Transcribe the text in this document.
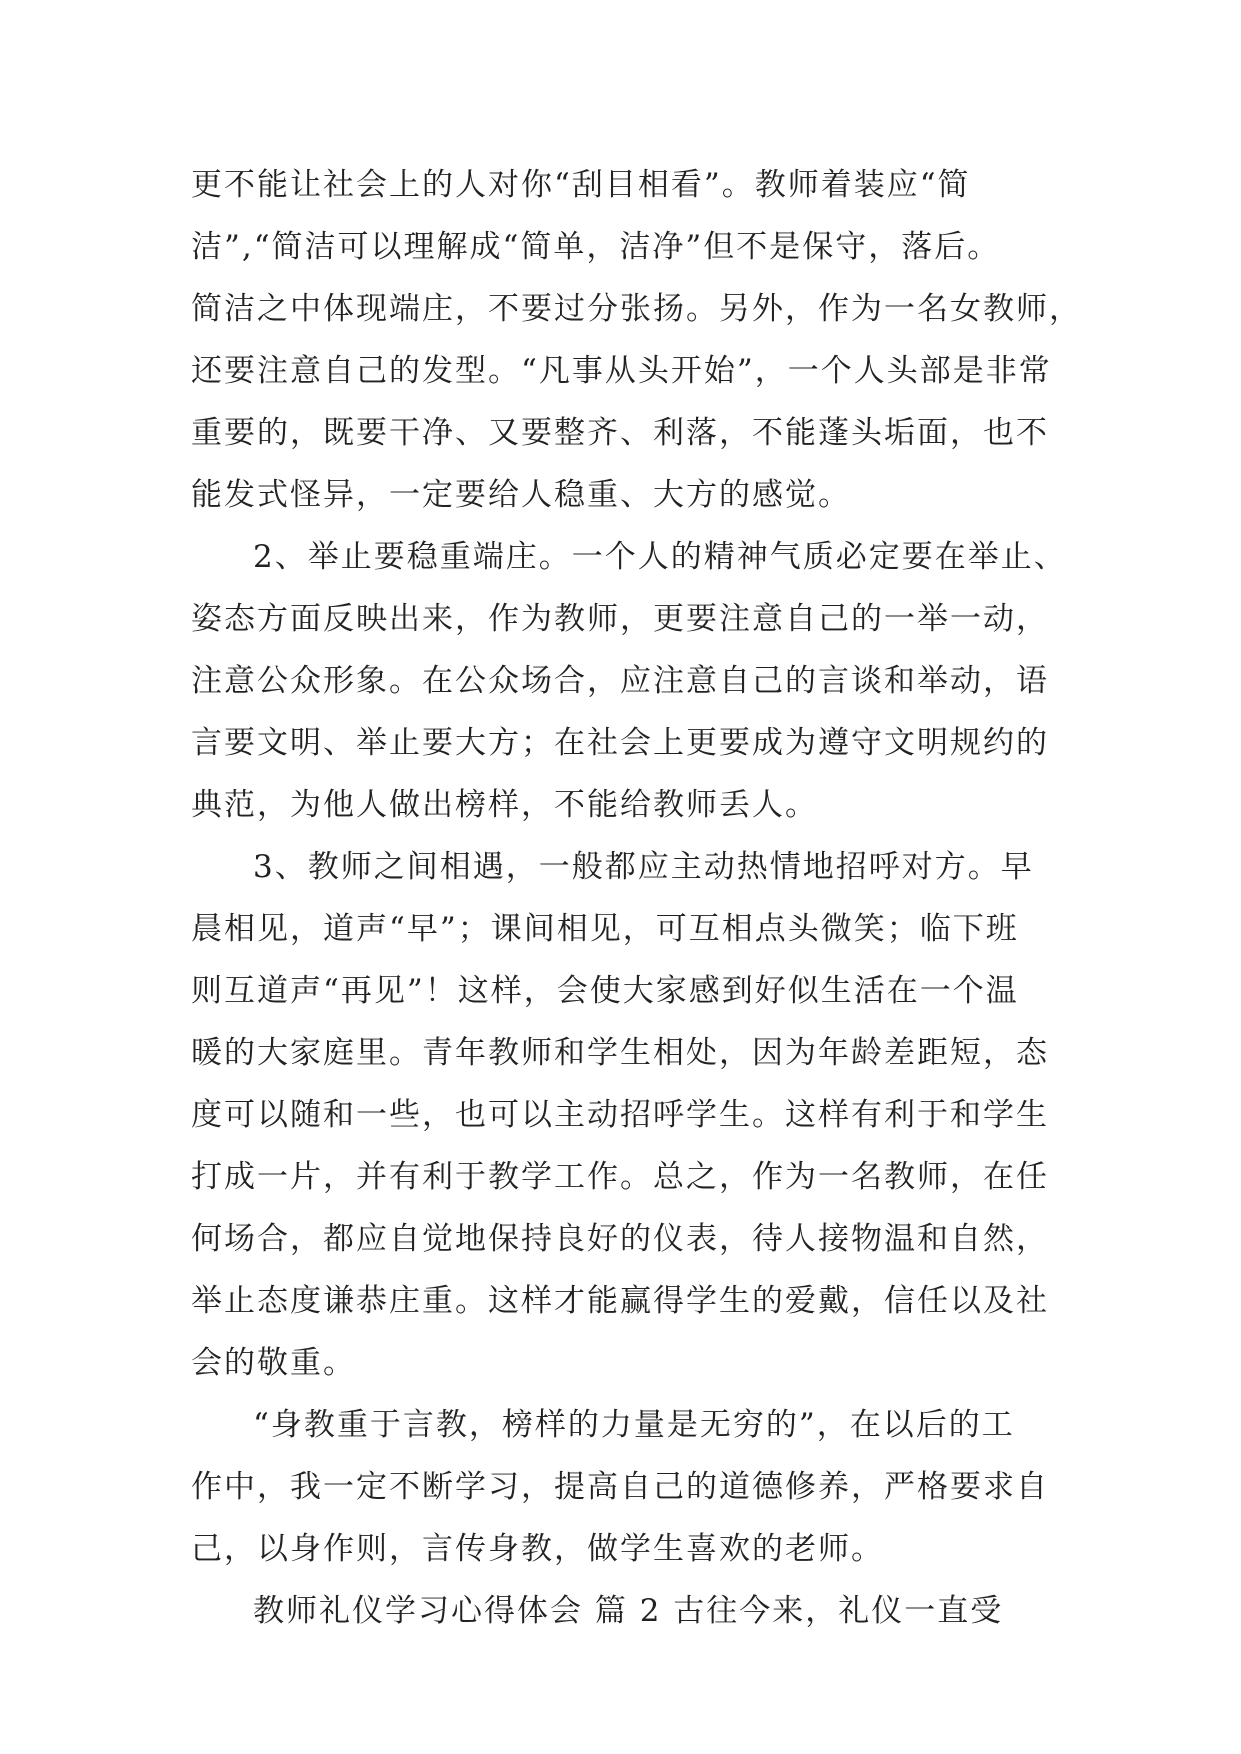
更不能让社会上的人对你“刮目相看”。教师着装应“简
洁”,“简洁可以理解成“简单，洁净”但不是保守，落后。
简洁之中体现端庄，不要过分张扬。另外，作为一名女教师，
还要注意自己的发型。“凡事从头开始”，一个人头部是非常
重要的，既要干净、又要整齐、利落，不能蓬头垢面，也不
能发式怪异，一定要给人稳重、大方的感觉。
2、举止要稳重端庄。一个人的精神气质必定要在举止、
姿态方面反映出来，作为教师，更要注意自己的一举一动，
注意公众形象。在公众场合，应注意自己的言谈和举动，语
言要文明、举止要大方；在社会上更要成为遵守文明规约的
典范，为他人做出榜样，不能给教师丢人。
3、教师之间相遇，一般都应主动热情地招呼对方。早
晨相见，道声“早”；课间相见，可互相点头微笑；临下班
则互道声“再见”！这样，会使大家感到好似生活在一个温
暖的大家庭里。青年教师和学生相处，因为年龄差距短，态
度可以随和一些，也可以主动招呼学生。这样有利于和学生
打成一片，并有利于教学工作。总之，作为一名教师，在任
何场合，都应自觉地保持良好的仪表，待人接物温和自然，
举止态度谦恭庄重。这样才能赢得学生的爱戴，信任以及社
会的敬重。
“身教重于言教，榜样的力量是无穷的”，在以后的工
作中，我一定不断学习，提高自己的道德修养，严格要求自
己，以身作则，言传身教，做学生喜欢的老师。
教师礼仪学习心得体会 篇 2 古往今来，礼仪一直受
